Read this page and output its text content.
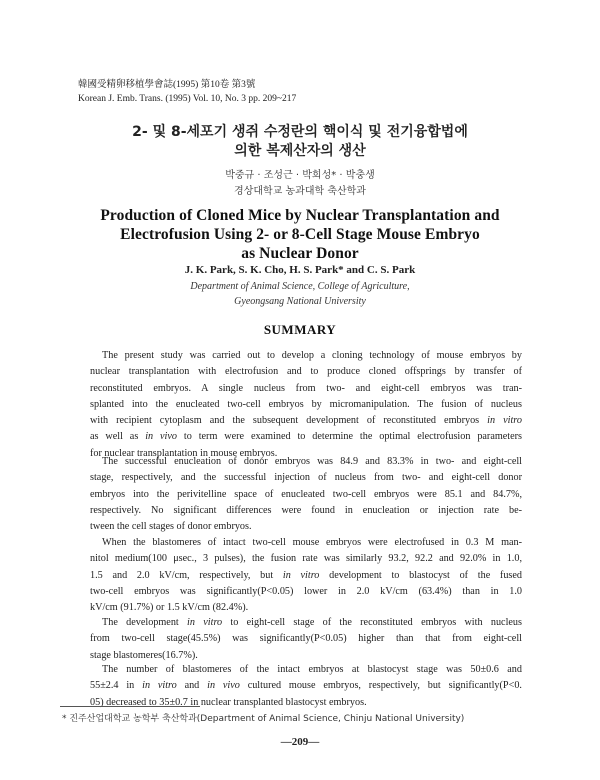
韓國受精卵移植學會誌(1995) 第10卷 第3號
Korean J. Emb. Trans. (1995) Vol. 10, No. 3 pp. 209~217
2- 및 8-세포기 생쥐 수정란의 핵이식 및 전기융합법에
의한 복제산자의 생산
박중규 · 조성근 · 박희성* · 박충생
경상대학교 농과대학 축산학과
Production of Cloned Mice by Nuclear Transplantation and
Electrofusion Using 2- or 8-Cell Stage Mouse Embryo
as Nuclear Donor
J. K. Park, S. K. Cho, H. S. Park* and C. S. Park
Department of Animal Science, College of Agriculture,
Gyeongsang National University
SUMMARY
The present study was carried out to develop a cloning technology of mouse embryos by
nuclear transplantation with electrofusion and to produce cloned offsprings by transfer of
reconstituted embryos. A single nucleus from two- and eight-cell embryos was tran-
splanted into the enucleated two-cell embryos by micromanipulation. The fusion of nucleus
with recipient cytoplasm and the subsequent development of reconstituted embryos in vitro
as well as in vivo to term were examined to determine the optimal electrofusion parameters
for nuclear transplantation in mouse embryos.
The successful enucleation of donor embryos was 84.9 and 83.3% in two- and eight-cell
stage, respectively, and the successful injection of nucleus from two- and eight-cell donor
embryos into the perivitelline space of enucleated two-cell embryos were 85.1 and 84.7%,
respectively. No significant differences were found in enucleation or injection rate be-
tween the cell stages of donor embryos.
When the blastomeres of intact two-cell mouse embryos were electrofused in 0.3 M man-
nitol medium(100 μsec., 3 pulses), the fusion rate was similarly 93.2, 92.2 and 92.0% in 1.0,
1.5 and 2.0 kV/cm, respectively, but in vitro development to blastocyst of the fused
two-cell embryos was significantly(P<0.05) lower in 2.0 kV/cm (63.4%) than in 1.0
kV/cm (91.7%) or 1.5 kV/cm (82.4%).
The development in vitro to eight-cell stage of the reconstituted embryos with nucleus
from two-cell stage(45.5%) was significantly(P<0.05) higher than that from eight-cell
stage blastomeres(16.7%).
The number of blastomeres of the intact embryos at blastocyst stage was 50±0.6 and
55±2.4 in in vitro and in vivo cultured mouse embryos, respectively, but significantly(P<0.
05) decreased to 35±0.7 in nuclear transplanted blastocyst embryos.
* 진주산업대학교 농학부 축산학과(Department of Animal Science, Chinju National University)
—209—
